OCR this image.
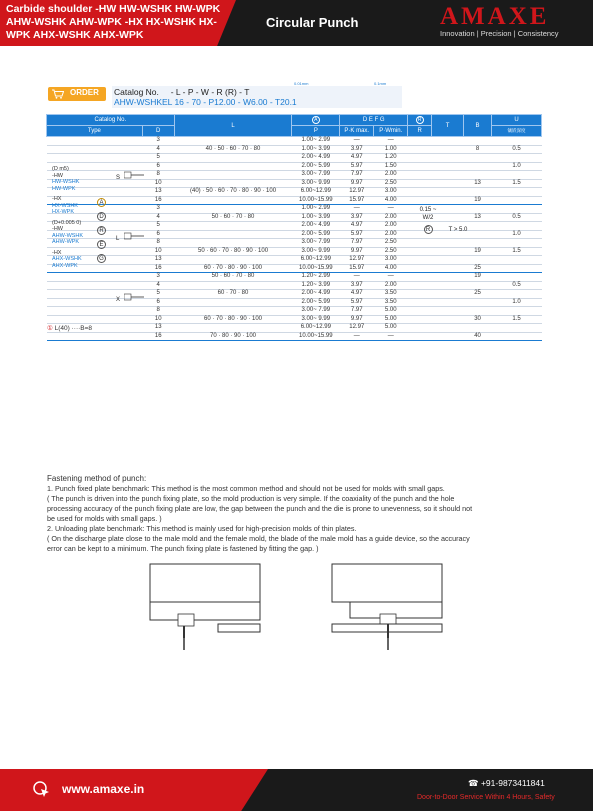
Carbide shoulder -HW HW-WSHK HW-WPK AHW-WSHK AHW-WPK -HX HX-WSHK HX-WPK AHX-WSHK AHX-WPK
Circular Punch	AMAXE
Innovation | Precision | Consistency
ORDER
0.01mm	0.1mm
Catalog No. - L - P - W - R (R) - T
AHW-WSHKEL 16 - 70 - P12.00 - W6.00 - T20.1
Catalog No.				L	A	D E F G		R	T	B	U
Type			D		P	P·K max.	P·Wmin.	R			镶嵌深度
			3		1.00~ 2.99	—	—				
			4	40 · 50 · 60 · 70 · 80	1.00~ 3.99	3.97	1.00			8	0.5
			5		2.00~ 4.99	4.97	1.20				
			6		2.00~ 5.99	5.97	1.50				1.0
			8		3.00~ 7.99	7.97	2.00				
			10		3.00~ 9.99	9.97	2.50			13	1.5
			13	(40) · 50 · 60 · 70 · 80 · 90 · 100	6.00~12.99	12.97	3.00				
			16		10.00~15.99	15.97	4.00			19	
			3		1.00~ 2.99	—	—				
			4	50 · 60 · 70 · 80	1.00~ 3.99	3.97	2.00			13	0.5
			5		2.00~ 4.99	4.97	2.00				
			6		2.00~ 5.99	5.97	2.00				1.0
			8		3.00~ 7.99	7.97	2.50				
			10	50 · 60 · 70 · 80 · 90 · 100	3.00~ 9.99	9.97	2.50			19	1.5
			13		6.00~12.99	12.97	3.00				
			16	60 · 70 · 80 · 90 · 100	10.00~15.99	15.97	4.00			25	
			3	50 · 60 · 70 · 80	1.20~ 2.99	—	—			19	
			4		1.20~ 3.99	3.97	2.00				0.5
			5	60 · 70 · 80	2.00~ 4.99	4.97	3.50			25	
			6		2.00~ 5.99	5.97	3.50				1.0
			8		3.00~ 7.99	7.97	5.00				
			10	60 · 70 · 80 · 90 · 100	3.00~ 9.99	9.97	5.00			30	1.5
			13		6.00~12.99	12.97	5.00				
			16	70 · 80 · 90 · 100	10.00~15.99	—	—			40	
(D m5)
-HW
HW-WSHK
HW-WPK
-HX
HX-WSHK
HX-WPK
(D+0.005 0)
-HW
AHW-WSHK
AHW-WPK
-HX
AHX-WSHK
AHX-WPK
A D R E G
S
L
X
0.15 ~ W/2
R	T > 5.0
① L(40) ····B=8
Fastening method of punch:
1. Punch fixed plate benchmark: This method is the most common method and should not be used for molds with small gaps.
( The punch is driven into the punch fixing plate, so the mold production is very simple. If the coaxiality of the punch and the hole
processing accuracy of the punch fixing plate are low, the gap between the punch and the die is prone to unevenness, so it should not
be used for molds with small gaps. )
2. Unloading plate benchmark: This method is mainly used for high-precision molds of thin plates.
( On the discharge plate close to the male mold and the female mold, the blade of the male mold has a guide device, so the accuracy
error can be kept to a minimum. The punch fixing plate is fastened by fitting the gap. )
www.amaxe.in	☎ +91-9873411841
Door-to-Door Service Within 4 Hours, Safety
